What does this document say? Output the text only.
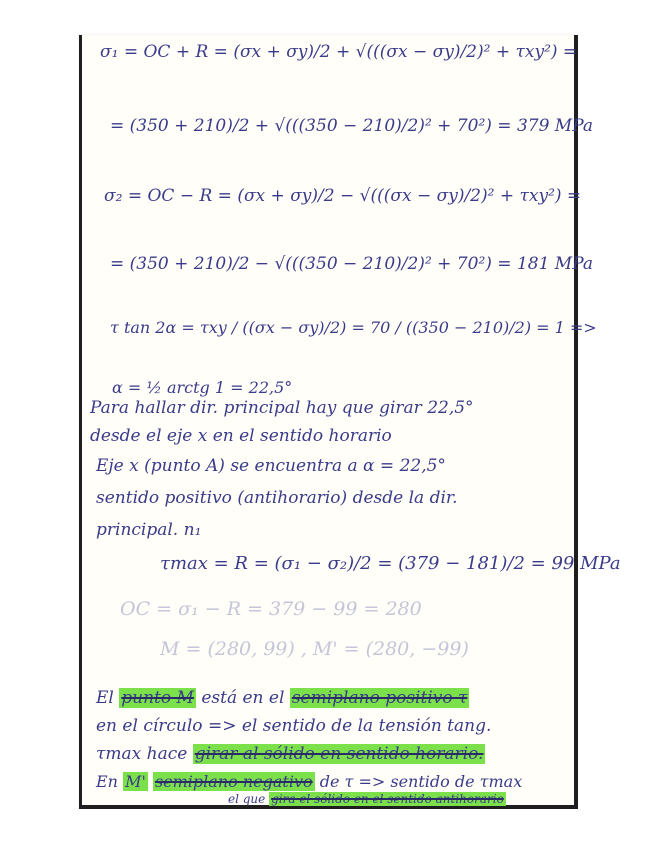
σ₁ = OC + R = (σx + σy)/2 + √(((σx − σy)/2)² + τxy²) =
= (350 + 210)/2 + √(((350 − 210)/2)² + 70²) = 379 MPa
σ₂ = OC − R = (σx + σy)/2 − √(((σx − σy)/2)² + τxy²) =
= (350 + 210)/2 − √(((350 − 210)/2)² + 70²) = 181 MPa
τ tan 2α = τxy / ((σx − σy)/2) = 70 / ((350 − 210)/2) = 1 =>
α = ½ arctg 1 = 22,5°
Para hallar dir. principal hay que girar 22,5°
desde el eje x en el sentido horario
Eje x (punto A) se encuentra a α = 22,5°
sentido positivo (antihorario) desde la dir.
principal. n₁
τmax = R = (σ₁ − σ₂)/2 = (379 − 181)/2 = 99 MPa
OC = σ₁ − R = 379 − 99 = 280
M = (280, 99) , M' = (280, −99)
El punto M está en el semiplano positivo τ
en el círculo => el sentido de la tensión tang.
τmax hace girar al sólido en sentido horario.
En M' semiplano negativo de τ => sentido de τmax
el que gira el sólido en el sentido antihorario
